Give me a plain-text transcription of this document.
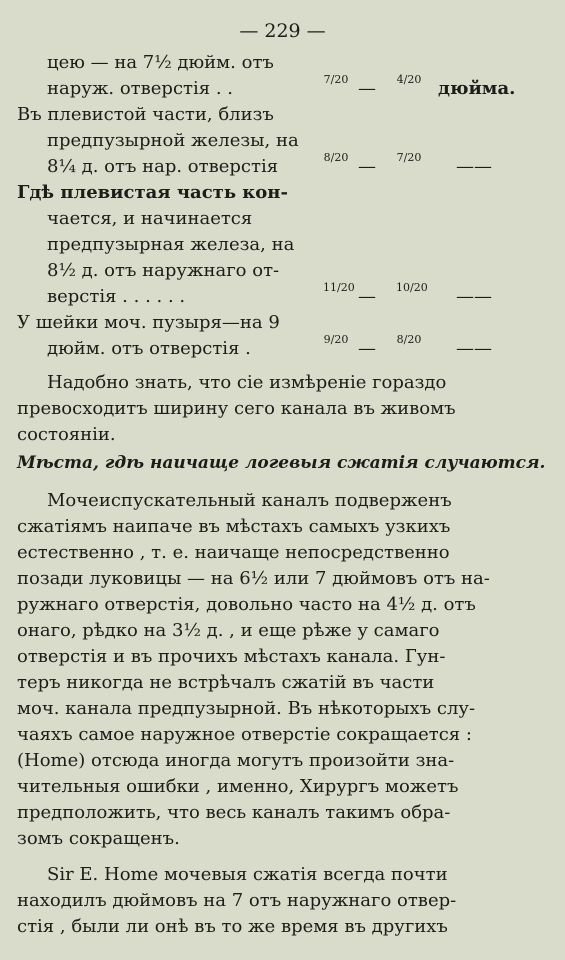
— 229 —
цею — на 7½ дюйм. отъ
наруж. отверстія . .	7/20 — 4/20 дюйма.
Въ плевистой части, близъ
предпузырной железы, на
8¼ д. отъ нар. отверстія	8/20 — 7/20 ——
Гдѣ плевистая часть кон-
чается, и начинается
предпузырная железа, на
8½ д. отъ наружнаго от-
верстія . . . . . .	11/20 — 10/20 ——
У шейки моч. пузыря—на 9
дюйм. отъ отверстія .	9/20 — 8/20 ——
Надобно знать, что сіе измѣреніе гораздо
превосходитъ ширину сего канала въ живомъ
состояніи.
Мѣста, гдѣ наичаще логевыя сжатія случаются.
Мочеиспускательный каналъ подверженъ
сжатіямъ наипаче въ мѣстахъ самыхъ узкихъ
естественно , т. е. наичаще непосредственно
позади луковицы — на 6½ или 7 дюймовъ отъ на-
ружнаго отверстія, довольно часто на 4½ д. отъ
онаго, рѣдко на 3½ д. , и еще рѣже у самаго
отверстія и въ прочихъ мѣстахъ канала. Гун-
теръ никогда не встрѣчалъ сжатій въ части
моч. канала предпузырной. Въ нѣкоторыхъ слу-
чаяхъ самое наружное отверстіе сокращается :
(Home) отсюда иногда могутъ произойти зна-
чительныя ошибки , именно, Хирургъ можетъ
предположить, что весь каналъ такимъ обра-
зомъ сокращенъ.
Sir E. Home мочевыя сжатія всегда почти
находилъ дюймовъ на 7 отъ наружнаго отвер-
стія , были ли онѣ въ то же время въ другихъ
